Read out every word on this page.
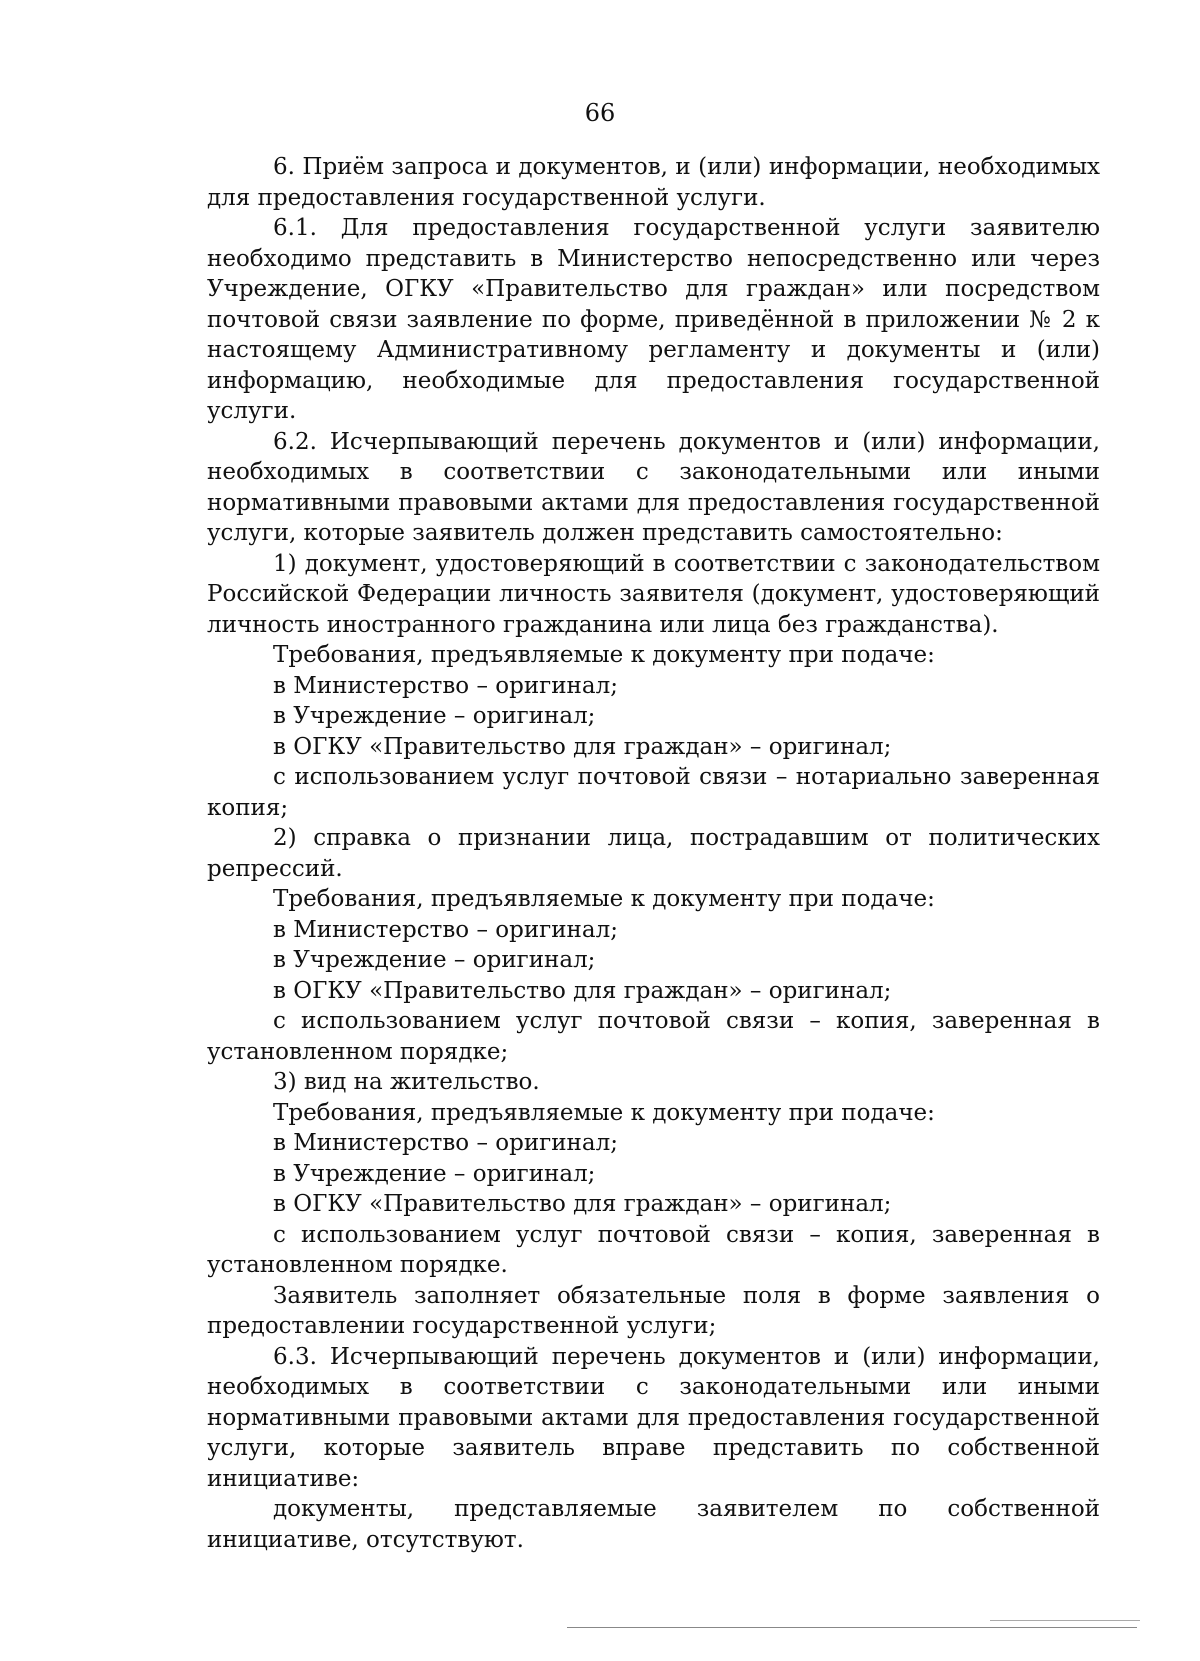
66

6. Приём запроса и документов, и (или) информации, необходимых для предоставления государственной услуги.

6.1. Для предоставления государственной услуги заявителю необходимо представить в Министерство непосредственно или через Учреждение, ОГКУ «Правительство для граждан» или посредством почтовой связи заявление по форме, приведённой в приложении № 2 к настоящему Административному регламенту и документы и (или) информацию, необходимые для предоставления государственной услуги.

6.2. Исчерпывающий перечень документов и (или) информации, необходимых в соответствии с законодательными или иными нормативными правовыми актами для предоставления государственной услуги, которые заявитель должен представить самостоятельно:

1) документ, удостоверяющий в соответствии с законодательством Российской Федерации личность заявителя (документ, удостоверяющий личность иностранного гражданина или лица без гражданства).

Требования, предъявляемые к документу при подаче:

в Министерство – оригинал;

в Учреждение – оригинал;

в ОГКУ «Правительство для граждан» – оригинал;

с использованием услуг почтовой связи – нотариально заверенная копия;

2) справка о признании лица, пострадавшим от политических репрессий.

Требования, предъявляемые к документу при подаче:

в Министерство – оригинал;

в Учреждение – оригинал;

в ОГКУ «Правительство для граждан» – оригинал;

с использованием услуг почтовой связи – копия, заверенная в установленном порядке;

3) вид на жительство.

Требования, предъявляемые к документу при подаче:

в Министерство – оригинал;

в Учреждение – оригинал;

в ОГКУ «Правительство для граждан» – оригинал;

с использованием услуг почтовой связи – копия, заверенная в установленном порядке.

Заявитель заполняет обязательные поля в форме заявления о предоставлении государственной услуги;

6.3. Исчерпывающий перечень документов и (или) информации, необходимых в соответствии с законодательными или иными нормативными правовыми актами для предоставления государственной услуги, которые заявитель вправе представить по собственной инициативе:

документы, представляемые заявителем по собственной инициативе, отсутствуют.
